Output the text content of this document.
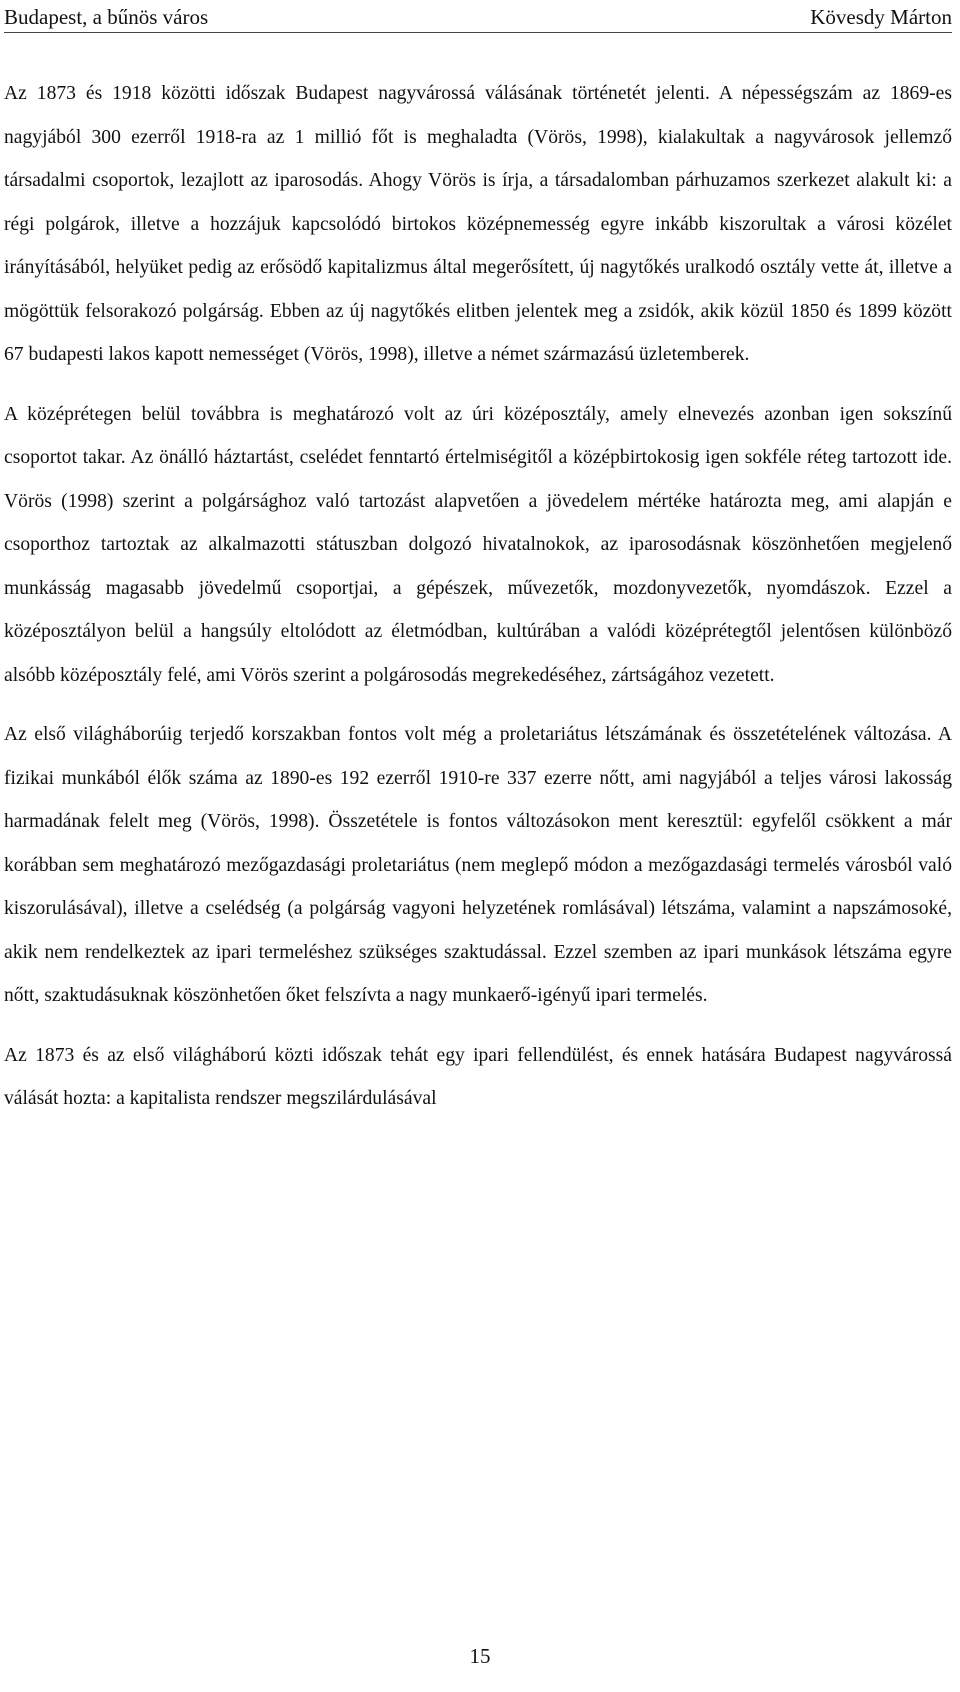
Budapest, a bűnös város	Kövesdy Márton

Az 1873 és 1918 közötti időszak Budapest nagyvárossá válásának történetét jelenti. A népességszám az 1869-es nagyjából 300 ezerről 1918-ra az 1 millió főt is meghaladta (Vörös, 1998), kialakultak a nagyvárosok jellemző társadalmi csoportok, lezajlott az iparosodás. Ahogy Vörös is írja, a társadalomban párhuzamos szerkezet alakult ki: a régi polgárok, illetve a hozzájuk kapcsolódó birtokos középnemesség egyre inkább kiszorultak a városi közélet irányításából, helyüket pedig az erősödő kapitalizmus által megerősített, új nagytőkés uralkodó osztály vette át, illetve a mögöttük felsorakozó polgárság. Ebben az új nagytőkés elitben jelentek meg a zsidók, akik közül 1850 és 1899 között 67 budapesti lakos kapott nemességet (Vörös, 1998), illetve a német származású üzletemberek.

A középrétegen belül továbbra is meghatározó volt az úri középosztály, amely elnevezés azonban igen sokszínű csoportot takar. Az önálló háztartást, cselédet fenntartó értelmiségitől a középbirtokosig igen sokféle réteg tartozott ide. Vörös (1998) szerint a polgársághoz való tartozást alapvetően a jövedelem mértéke határozta meg, ami alapján e csoporthoz tartoztak az alkalmazotti státuszban dolgozó hivatalnokok, az iparosodásnak köszönhetően megjelenő munkásság magasabb jövedelmű csoportjai, a gépészek, művezetők, mozdonyvezetők, nyomdászok. Ezzel a középosztályon belül a hangsúly eltolódott az életmódban, kultúrában a valódi középrétegtől jelentősen különböző alsóbb középosztály felé, ami Vörös szerint a polgárosodás megrekedéséhez, zártságához vezetett.

Az első világháborúig terjedő korszakban fontos volt még a proletariátus létszámának és összetételének változása. A fizikai munkából élők száma az 1890-es 192 ezerről 1910-re 337 ezerre nőtt, ami nagyjából a teljes városi lakosság harmadának felelt meg (Vörös, 1998). Összetétele is fontos változásokon ment keresztül: egyfelől csökkent a már korábban sem meghatározó mezőgazdasági proletariátus (nem meglepő módon a mezőgazdasági termelés városból való kiszorulásával), illetve a cselédség (a polgárság vagyoni helyzetének romlásával) létszáma, valamint a napszámosoké, akik nem rendelkeztek az ipari termeléshez szükséges szaktudással. Ezzel szemben az ipari munkások létszáma egyre nőtt, szaktudásuknak köszönhetően őket felszívta a nagy munkaerő-igényű ipari termelés.

Az 1873 és az első világháború közti időszak tehát egy ipari fellendülést, és ennek hatására Budapest nagyvárossá válását hozta: a kapitalista rendszer megszilárdulásával

15
